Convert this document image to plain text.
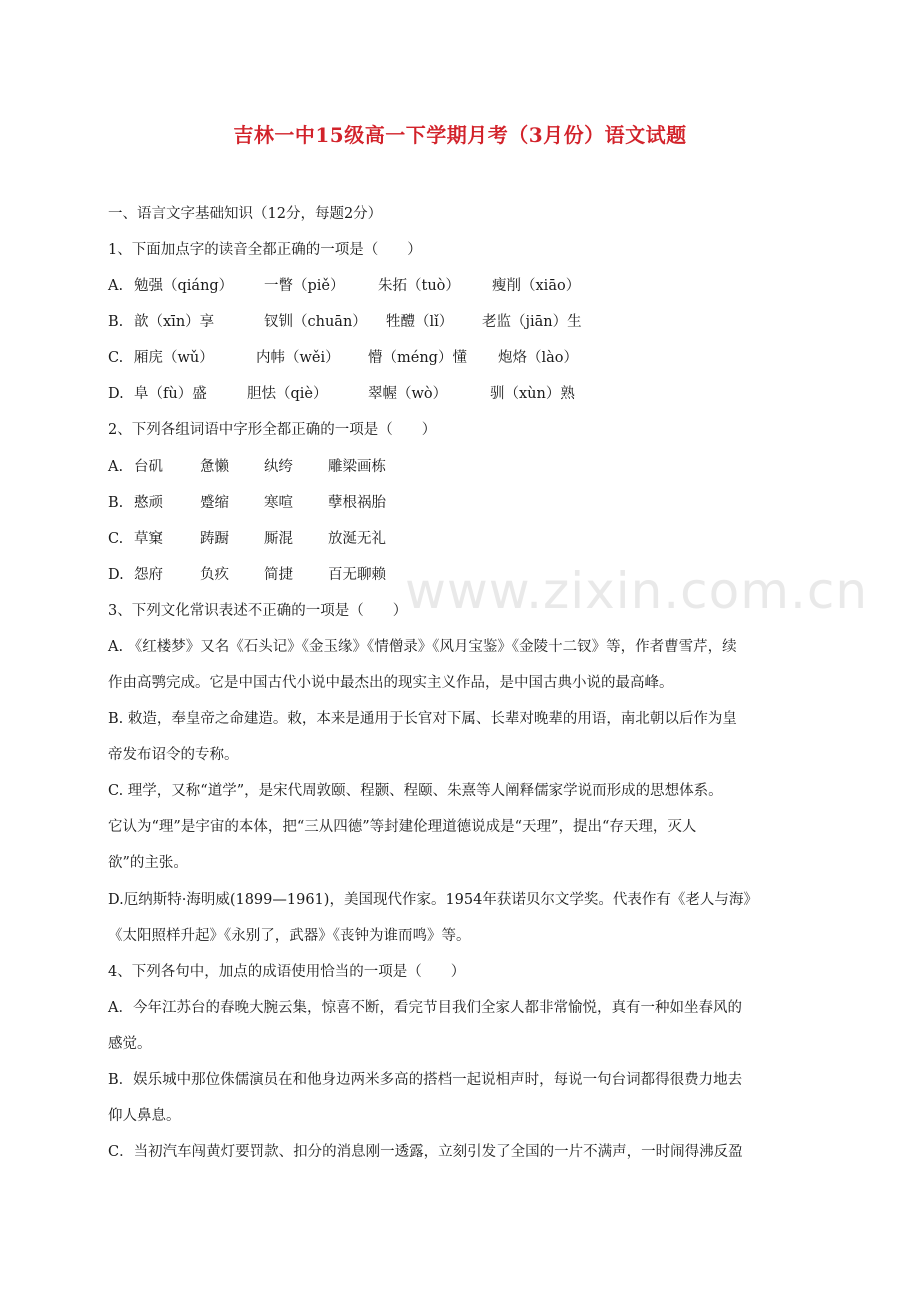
www.zixin.com.cn
吉林一中15级高一下学期月考（3月份）语文试题
一、语言文字基础知识（12分，每题2分）
1、下面加点字的读音全都正确的一项是（　　）
A. 勉强（qiáng） 一瞥（piě） 朱拓（tuò） 瘦削（xiāo）
B. 歆（xīn）享	钗钏（chuān） 牲醴（lǐ） 老监（jiān）生
C. 厢庑（wǔ）	内帏（wěi） 懵（méng）懂 炮烙（lào）
D. 阜（fù）盛	胆怯（qiè）	翠幄（wò）	驯（xùn）熟
2、下列各组词语中字形全都正确的一项是（　　）
A. 台矶	惫懒 纨绔 雕梁画栋
B. 憨顽	蹙缩 寒喧 孽根祸胎
C. 草窠	踌蹰 厮混 放涎无礼
D. 怨府	负疚 简捷 百无聊赖
3、下列文化常识表述不正确的一项是（　　）
A. 《红楼梦》又名《石头记》《金玉缘》《情僧录》《风月宝鉴》《金陵十二钗》等，作者曹雪芹，续
作由高鹗完成。它是中国古代小说中最杰出的现实主义作品，是中国古典小说的最高峰。
B. 敕造，奉皇帝之命建造。敕，本来是通用于长官对下属、长辈对晚辈的用语，南北朝以后作为皇
帝发布诏令的专称。
C. 理学，又称“道学”，是宋代周敦颐、程颢、程颐、朱熹等人阐释儒家学说而形成的思想体系。
它认为“理”是宇宙的本体，把“三从四德”等封建伦理道德说成是“天理”，提出“存天理，灭人
欲”的主张。
D.厄纳斯特·海明威(1899—1961)，美国现代作家。1954年获诺贝尔文学奖。代表作有《老人与海》
《太阳照样升起》《永别了，武器》《丧钟为谁而鸣》等。
4、下列各句中，加点的成语使用恰当的一项是（　　）
A．今年江苏台的春晚大腕云集，惊喜不断，看完节目我们全家人都非常愉悦，真有一种如坐春风的
感觉。
B．娱乐城中那位侏儒演员在和他身边两米多高的搭档一起说相声时，每说一句台词都得很费力地去
仰人鼻息。
C．当初汽车闯黄灯要罚款、扣分的消息刚一透露，立刻引发了全国的一片不满声，一时闹得沸反盈
